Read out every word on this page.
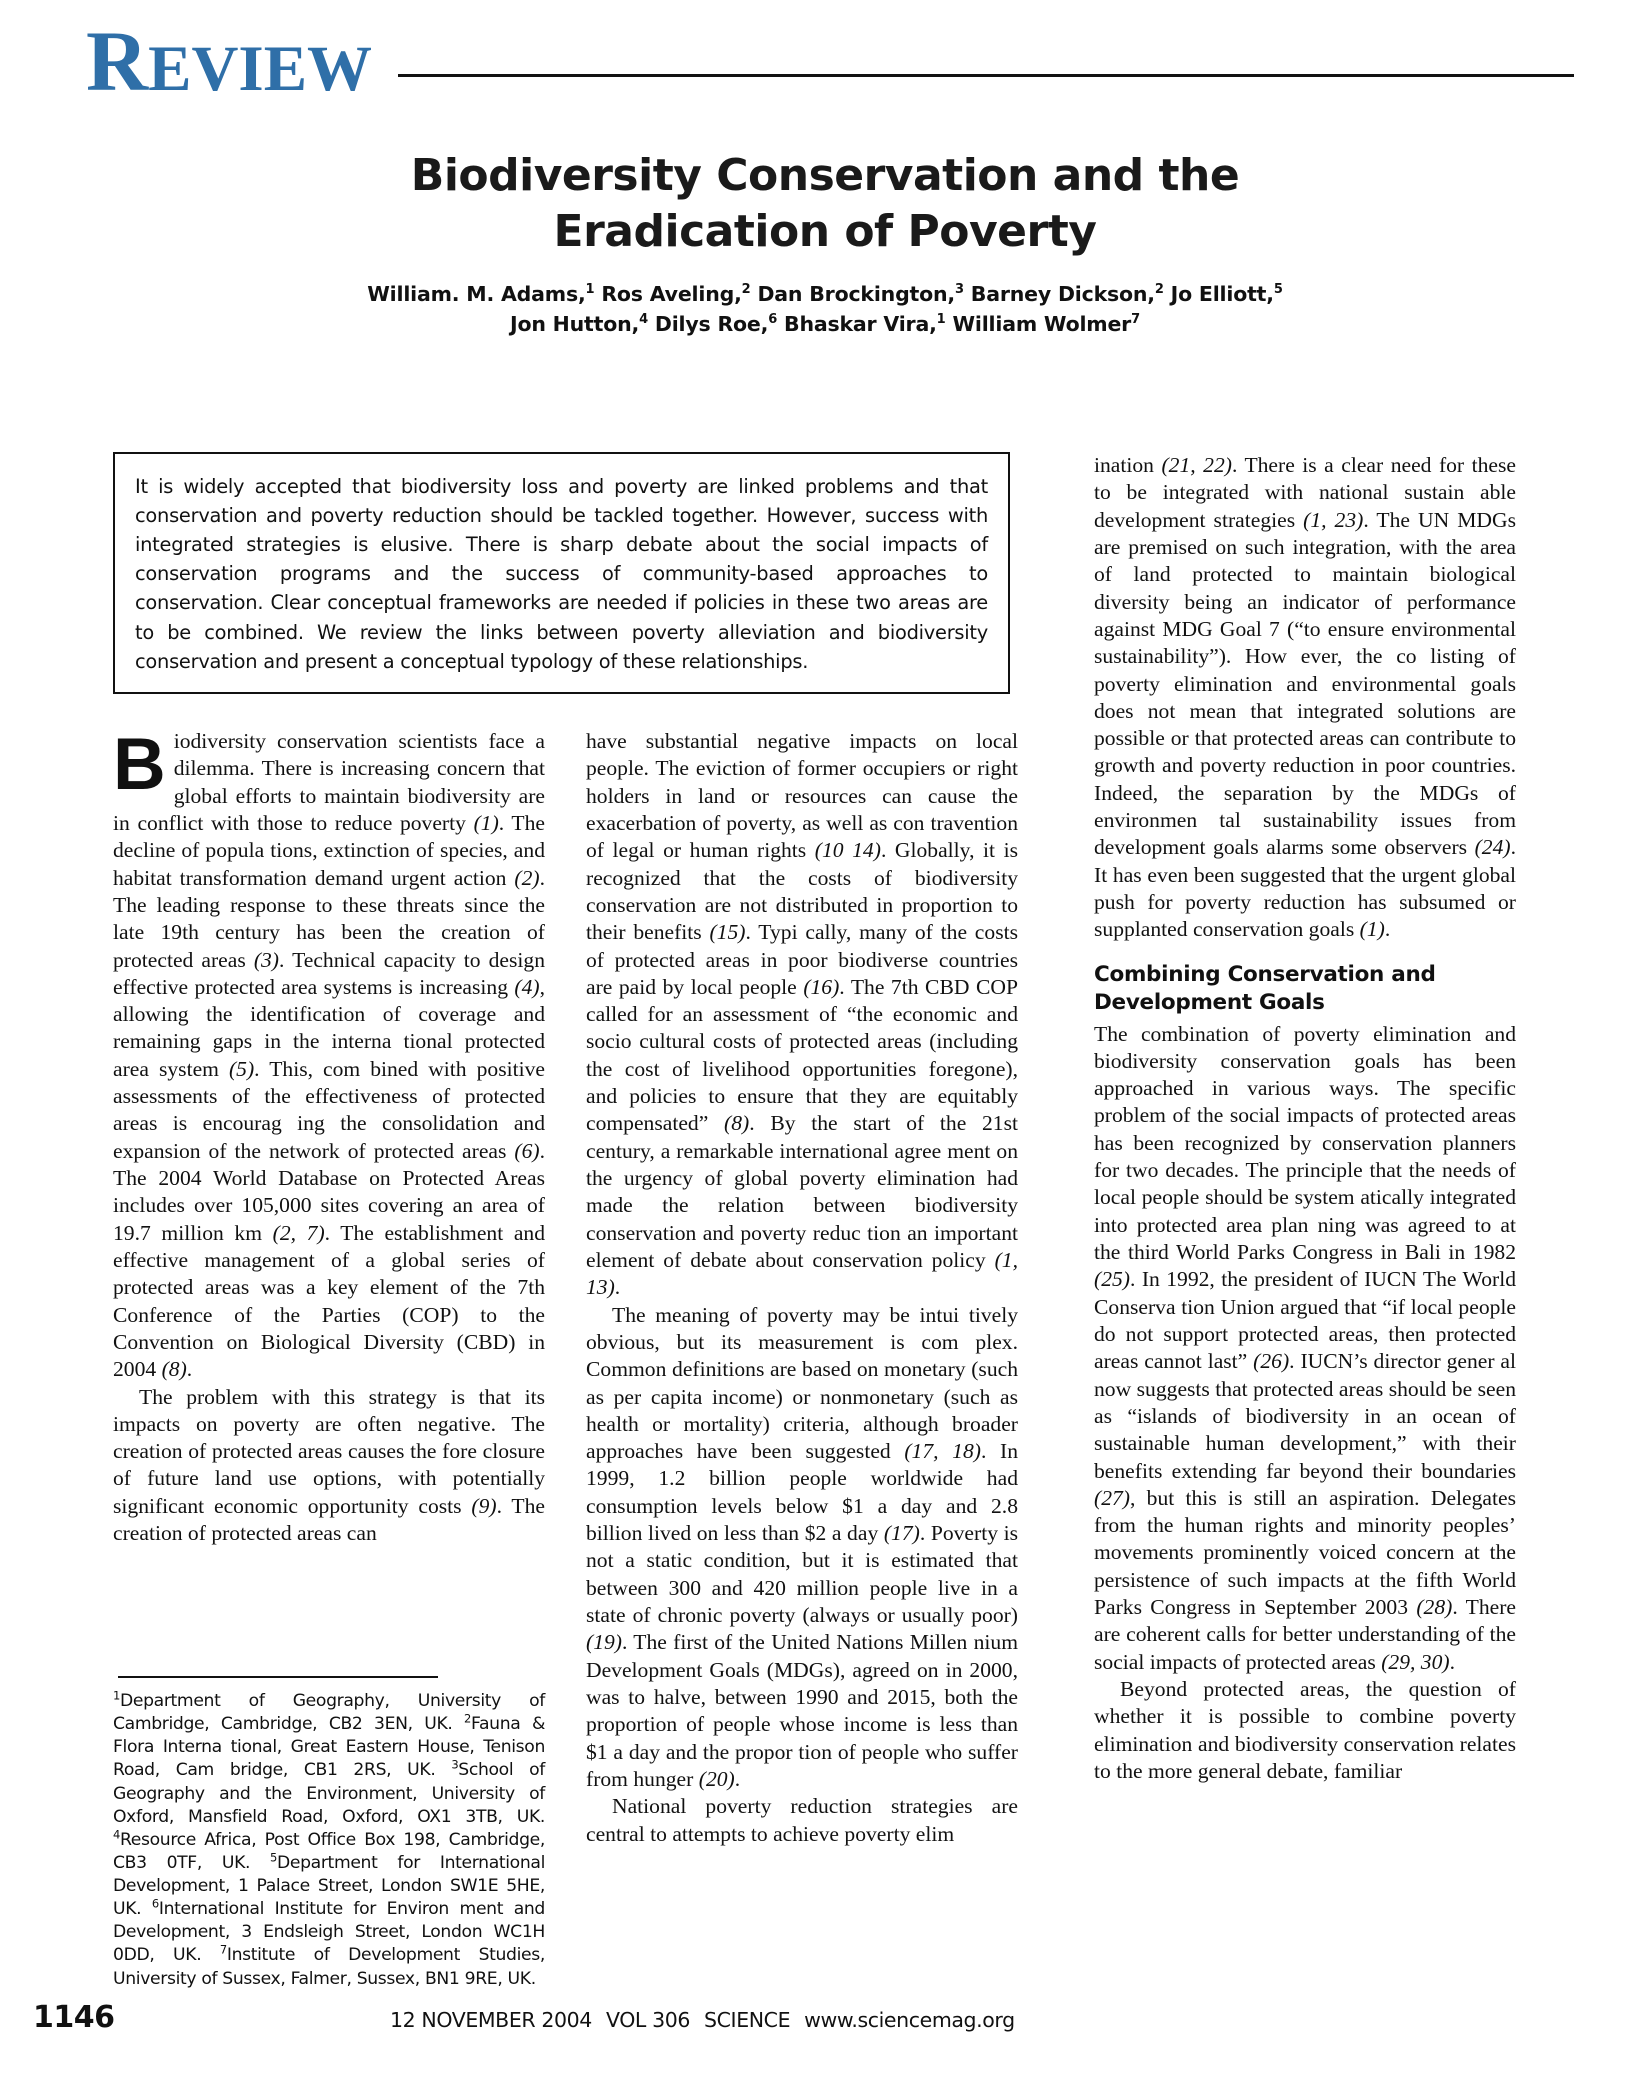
REVIEW
Biodiversity Conservation and the
Eradication of Poverty
William. M. Adams,$^1$ Ros Aveling,$^2$ Dan Brockington,$^3$ Barney Dickson,$^2$ Jo Elliott,$^5$
Jon Hutton,$^4$ Dilys Roe,$^6$ Bhaskar Vira,$^1$ William Wolmer$^7$

It is widely accepted that biodiversity loss and poverty are linked problems and that conservation and poverty reduction should be tackled together. However, success with integrated strategies is elusive. There is sharp debate about the social impacts of conservation programs and the success of community-based approaches to conservation. Clear conceptual frameworks are needed if policies in these two areas are to be combined. We review the links between poverty alleviation and biodiversity conservation and present a conceptual typology of these relationships.

Biodiversity conservation scientists face a dilemma. There is increasing concern that global efforts to maintain biodiversity are in conflict with those to reduce poverty (1). The decline of popula tions, extinction of species, and habitat transformation demand urgent action (2). The leading response to these threats since the late 19th century has been the creation of protected areas (3). Technical capacity to design effective protected area systems is increasing (4), allowing the identification of coverage and remaining gaps in the interna tional protected area system (5). This, com bined with positive assessments of the effectiveness of protected areas is encourag ing the consolidation and expansion of the network of protected areas (6). The 2004 World Database on Protected Areas includes over 105,000 sites covering an area of 19.7 million km (2, 7). The establishment and effective management of a global series of protected areas was a key element of the 7th Conference of the Parties (COP) to the Convention on Biological Diversity (CBD) in 2004 (8).

The problem with this strategy is that its impacts on poverty are often negative. The creation of protected areas causes the fore closure of future land use options, with potentially significant economic opportunity costs (9). The creation of protected areas can

have substantial negative impacts on local people. The eviction of former occupiers or right holders in land or resources can cause the exacerbation of poverty, as well as con travention of legal or human rights (10 14). Globally, it is recognized that the costs of biodiversity conservation are not distributed in proportion to their benefits (15). Typi cally, many of the costs of protected areas in poor biodiverse countries are paid by local people (16). The 7th CBD COP called for an assessment of “the economic and socio cultural costs of protected areas (including the cost of livelihood opportunities foregone), and policies to ensure that they are equitably compensated” (8). By the start of the 21st century, a remarkable international agree ment on the urgency of global poverty elimination had made the relation between biodiversity conservation and poverty reduc tion an important element of debate about conservation policy (1, 13).

The meaning of poverty may be intui tively obvious, but its measurement is com plex. Common definitions are based on monetary (such as per capita income) or nonmonetary (such as health or mortality) criteria, although broader approaches have been suggested (17, 18). In 1999, 1.2 billion people worldwide had consumption levels below $1 a day and 2.8 billion lived on less than $2 a day (17). Poverty is not a static condition, but it is estimated that between 300 and 420 million people live in a state of chronic poverty (always or usually poor) (19). The first of the United Nations Millen nium Development Goals (MDGs), agreed on in 2000, was to halve, between 1990 and 2015, both the proportion of people whose income is less than $1 a day and the propor tion of people who suffer from hunger (20).

National poverty reduction strategies are central to attempts to achieve poverty elim

ination (21, 22). There is a clear need for these to be integrated with national sustain able development strategies (1, 23). The UN MDGs are premised on such integration, with the area of land protected to maintain biological diversity being an indicator of performance against MDG Goal 7 (“to ensure environmental sustainability”). How ever, the co listing of poverty elimination and environmental goals does not mean that integrated solutions are possible or that protected areas can contribute to growth and poverty reduction in poor countries. Indeed, the separation by the MDGs of environmen tal sustainability issues from development goals alarms some observers (24). It has even been suggested that the urgent global push for poverty reduction has subsumed or supplanted conservation goals (1).

Combining Conservation and Development Goals

The combination of poverty elimination and biodiversity conservation goals has been approached in various ways. The specific problem of the social impacts of protected areas has been recognized by conservation planners for two decades. The principle that the needs of local people should be system atically integrated into protected area plan ning was agreed to at the third World Parks Congress in Bali in 1982 (25). In 1992, the president of IUCN The World Conserva tion Union argued that “if local people do not support protected areas, then protected areas cannot last” (26). IUCN’s director gener al now suggests that protected areas should be seen as “islands of biodiversity in an ocean of sustainable human development,” with their benefits extending far beyond their boundaries (27), but this is still an aspiration. Delegates from the human rights and minority peoples’ movements prominently voiced concern at the persistence of such impacts at the fifth World Parks Congress in September 2003 (28). There are coherent calls for better understanding of the social impacts of protected areas (29, 30).

Beyond protected areas, the question of whether it is possible to combine poverty elimination and biodiversity conservation relates to the more general debate, familiar

$^1$Department of Geography, University of Cambridge, Cambridge, CB2 3EN, UK. $^2$Fauna & Flora Interna tional, Great Eastern House, Tenison Road, Cam bridge, CB1 2RS, UK. $^3$School of Geography and the Environment, University of Oxford, Mansfield Road, Oxford, OX1 3TB, UK. $^4$Resource Africa, Post Office Box 198, Cambridge, CB3 0TF, UK. $^5$Department for International Development, 1 Palace Street, London SW1E 5HE, UK. $^6$International Institute for Environ ment and Development, 3 Endsleigh Street, London WC1H 0DD, UK. $^7$Institute of Development Studies, University of Sussex, Falmer, Sussex, BN1 9RE, UK.
1146	12 NOVEMBER 2004 VOL 306 SCIENCE www.sciencemag.org
